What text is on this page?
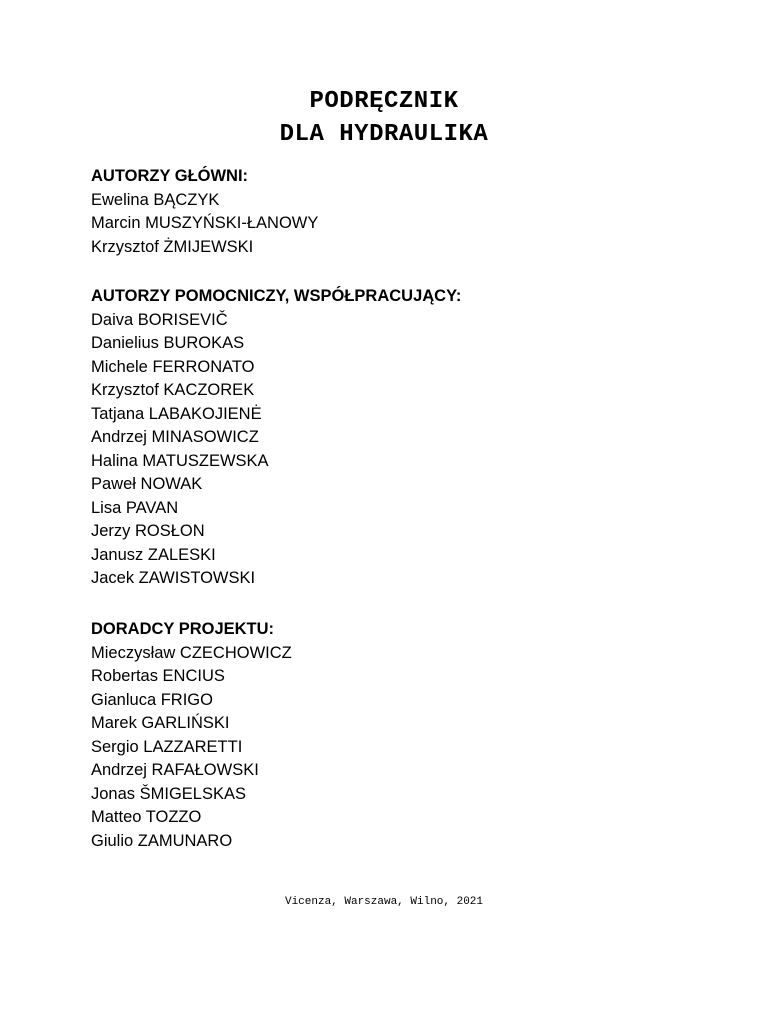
PODRĘCZNIK
DLA HYDRAULIKA
AUTORZY GŁÓWNI:
Ewelina BĄCZYK
Marcin MUSZYŃSKI-ŁANOWY
Krzysztof ŻMIJEWSKI
AUTORZY POMOCNICZY, WSPÓŁPRACUJĄCY:
Daiva BORISEVIČ
Danielius BUROKAS
Michele FERRONATO
Krzysztof KACZOREK
Tatjana LABAKOJIENĖ
Andrzej MINASOWICZ
Halina MATUSZEWSKA
Paweł NOWAK
Lisa PAVAN
Jerzy ROSŁON
Janusz ZALESKI
Jacek ZAWISTOWSKI
DORADCY PROJEKTU:
Mieczysław CZECHOWICZ
Robertas ENCIUS
Gianluca FRIGO
Marek GARLIŃSKI
Sergio LAZZARETTI
Andrzej RAFAŁOWSKI
Jonas ŠMIGELSKAS
Matteo TOZZO
Giulio ZAMUNARO
Vicenza, Warszawa, Wilno, 2021
